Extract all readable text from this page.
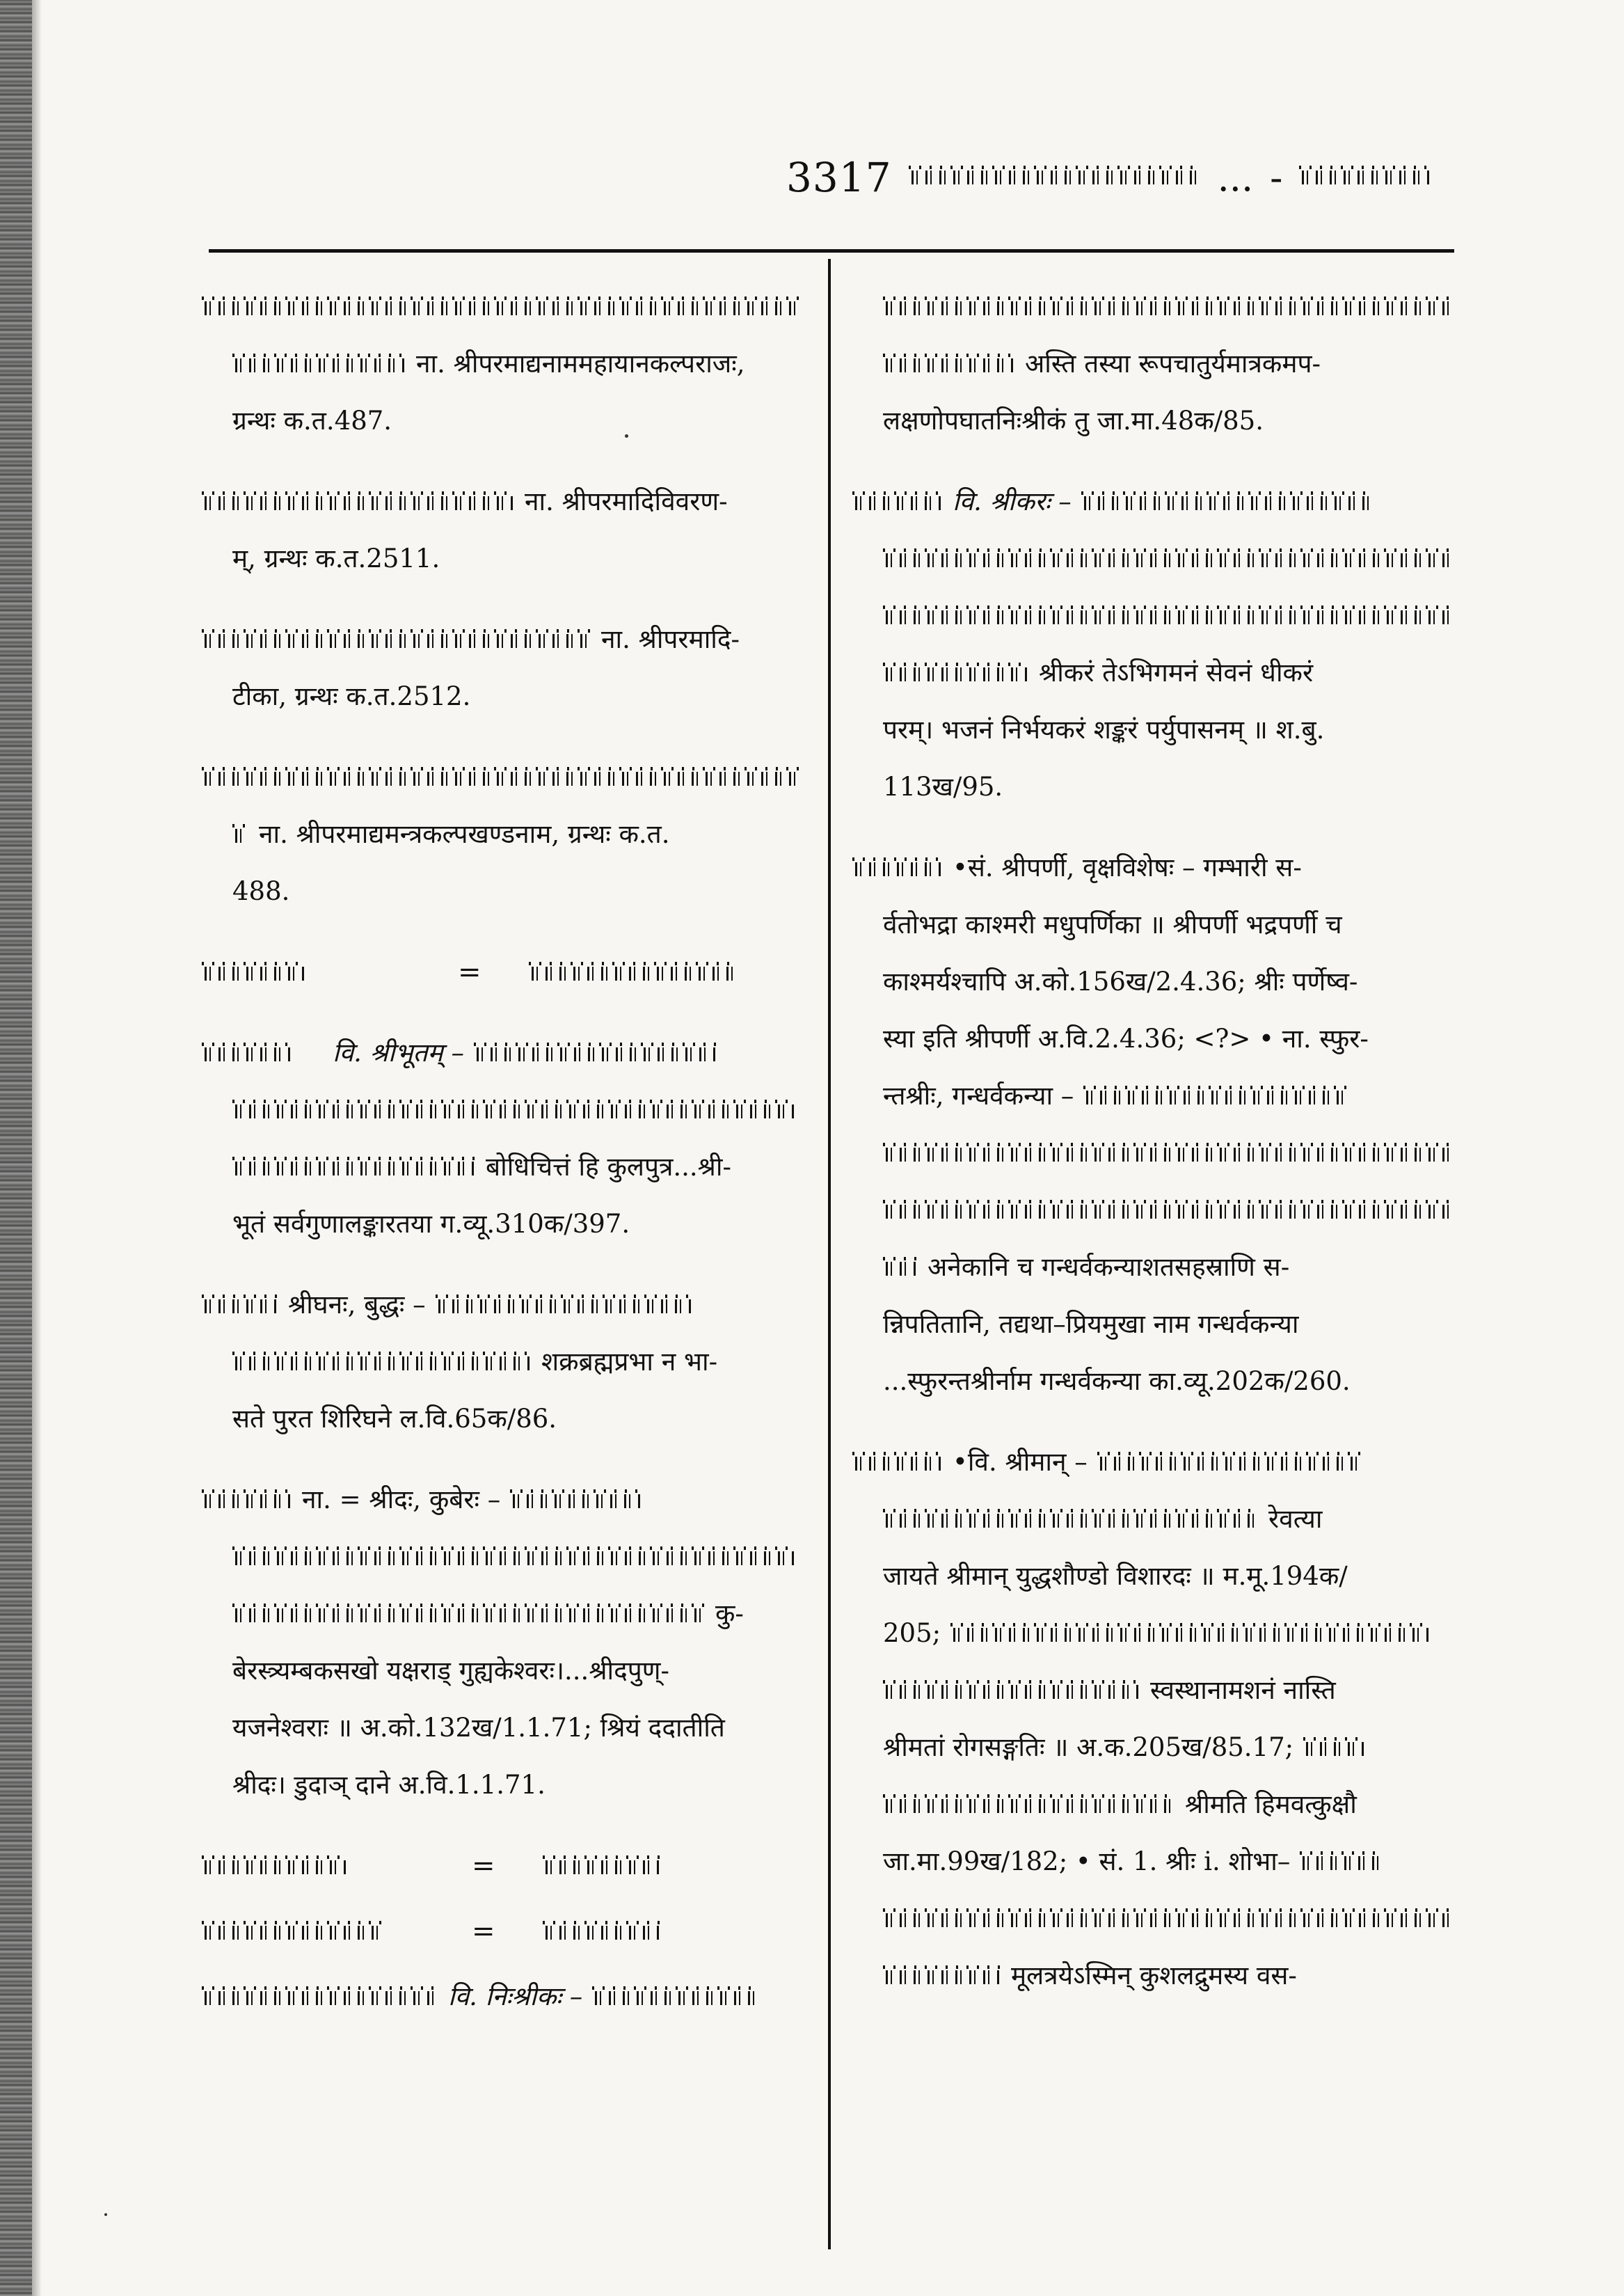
3317	... -
ना. श्रीपरमाद्यनाममहायानकल्पराजः,
ग्रन्थः क.त.487.
ना. श्रीपरमादिविवरण-
म्, ग्रन्थः क.त.2511.
ना. श्रीपरमादि-
टीका, ग्रन्थः क.त.2512.
ना. श्रीपरमाद्यमन्त्रकल्पखण्डनाम, ग्रन्थः क.त.
488.
=
वि. श्रीभूतम् –
बोधिचित्तं हि कुलपुत्र...श्री-
भूतं सर्वगुणालङ्कारतया ग.व्यू.310क/397.
श्रीघनः, बुद्धः –
शक्रब्रह्मप्रभा न भा-
सते पुरत शिरिघने ल.वि.65क/86.
ना. = श्रीदः, कुबेरः –
कु-
बेरस्त्र्यम्बकसखो यक्षराड् गुह्यकेश्वरः।...श्रीदपुण्-
यजनेश्वराः ॥ अ.को.132ख/1.1.71; श्रियं ददातीति
श्रीदः। डुदाञ् दाने अ.वि.1.1.71.
=
=
वि. निःश्रीकः –
अस्ति तस्या रूपचातुर्यमात्रकमप-
लक्षणोपघातनिःश्रीकं तु जा.मा.48क/85.
वि. श्रीकरः –
श्रीकरं तेऽभिगमनं सेवनं धीकरं
परम्। भजनं निर्भयकरं शङ्करं पर्युपासनम् ॥ श.बु.
113ख/95.
•सं. श्रीपर्णी, वृक्षविशेषः – गम्भारी स-
र्वतोभद्रा काश्मरी मधुपर्णिका ॥ श्रीपर्णी भद्रपर्णी च
काश्मर्यश्चापि अ.को.156ख/2.4.36; श्रीः पर्णेष्व-
स्या इति श्रीपर्णी अ.वि.2.4.36; <?> • ना. स्फुर-
न्तश्रीः, गन्धर्वकन्या –
अनेकानि च गन्धर्वकन्याशतसहस्राणि स-
न्निपतितानि, तद्यथा–प्रियमुखा नाम गन्धर्वकन्या
...स्फुरन्तश्रीर्नाम गन्धर्वकन्या का.व्यू.202क/260.
•वि. श्रीमान् –
रेवत्या
जायते श्रीमान् युद्धशौण्डो विशारदः ॥ म.मू.194क/
205;
स्वस्थानामशनं नास्ति
श्रीमतां रोगसङ्गतिः ॥ अ.क.205ख/85.17;
श्रीमति हिमवत्कुक्षौ
जा.मा.99ख/182; • सं. 1. श्रीः i. शोभा–
मूलत्रयेऽस्मिन् कुशलद्रुमस्य वस-
